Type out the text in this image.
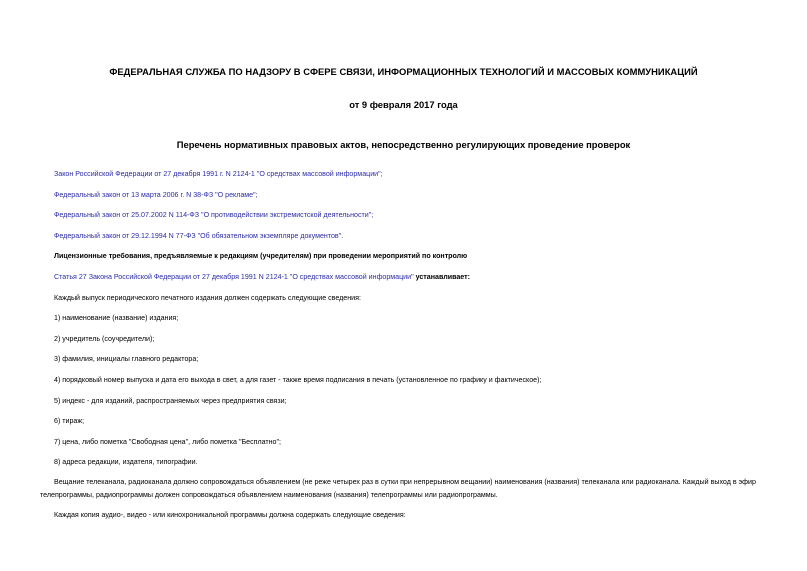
ФЕДЕРАЛЬНАЯ СЛУЖБА ПО НАДЗОРУ В СФЕРЕ СВЯЗИ, ИНФОРМАЦИОННЫХ ТЕХНОЛОГИЙ И МАССОВЫХ КОММУНИКАЦИЙ
от 9 февраля 2017 года
Перечень нормативных правовых актов, непосредственно регулирующих проведение проверок
Закон Российской Федерации от 27 декабря 1991 г. N 2124-1 "О средствах массовой информации";
Федеральный закон от 13 марта 2006 г. N 38-ФЗ "О рекламе";
Федеральный закон от 25.07.2002 N 114-ФЗ "О противодействии экстремистской деятельности";
Федеральный закон от 29.12.1994 N 77-ФЗ "Об обязательном экземпляре документов".
Лицензионные требования, предъявляемые к редакциям (учредителям) при проведении мероприятий по контролю
Статья 27 Закона Российской Федерации от 27 декабря 1991 N 2124-1 "О средствах массовой информации" устанавливает:
Каждый выпуск периодического печатного издания должен содержать следующие сведения:
1) наименование (название) издания;
2) учредитель (соучредители);
3) фамилия, инициалы главного редактора;
4) порядковый номер выпуска и дата его выхода в свет, а для газет - также время подписания в печать (установленное по графику и фактическое);
5) индекс - для изданий, распространяемых через предприятия связи;
6) тираж;
7) цена, либо пометка "Свободная цена", либо пометка "Бесплатно";
8) адреса редакции, издателя, типографии.
Вещание телеканала, радиоканала должно сопровождаться объявлением (не реже четырех раз в сутки при непрерывном вещании) наименования (названия) телеканала или радиоканала. Каждый выход в эфир телепрограммы, радиопрограммы должен сопровождаться объявлением наименования (названия) телепрограммы или радиопрограммы.
Каждая копия аудио-, видео - или кинохроникальной программы должна содержать следующие сведения:
